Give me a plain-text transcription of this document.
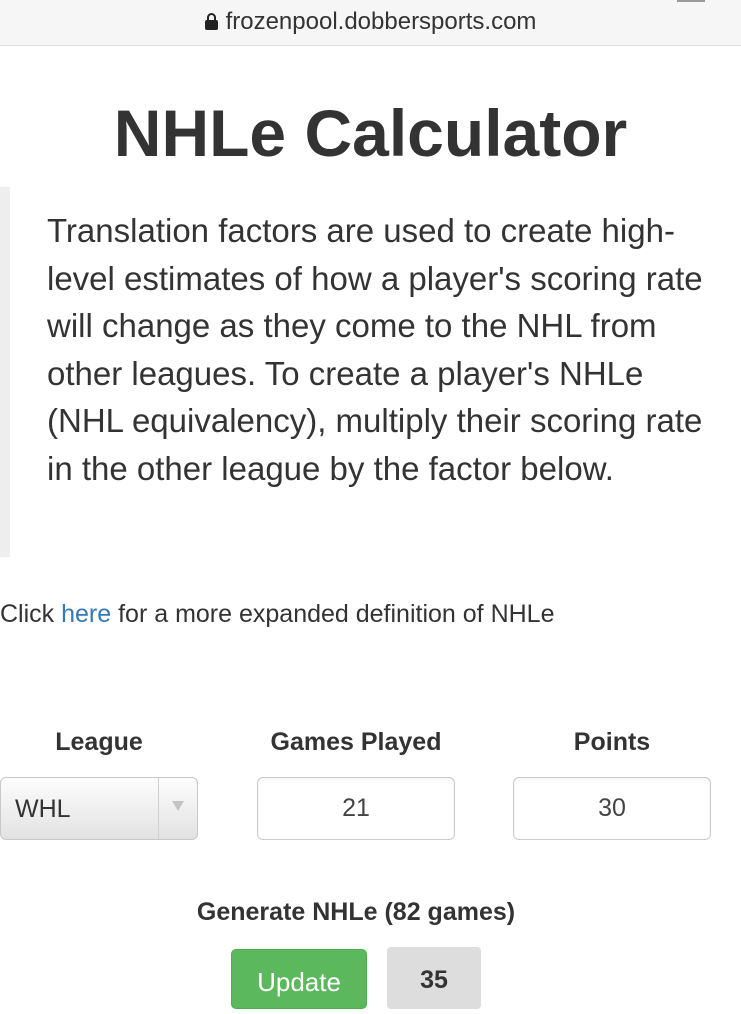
frozenpool.dobbersports.com
NHLe Calculator

Translation factors are used to create high-level estimates of how a player's scoring rate will change as they come to the NHL from other leagues. To create a player's NHLe (NHL equivalency), multiply their scoring rate in the other league by the factor below.

Click here for a more expanded definition of NHLe
League	Games Played	Points
WHL	21	30
Generate NHLe (82 games)
Update	35
